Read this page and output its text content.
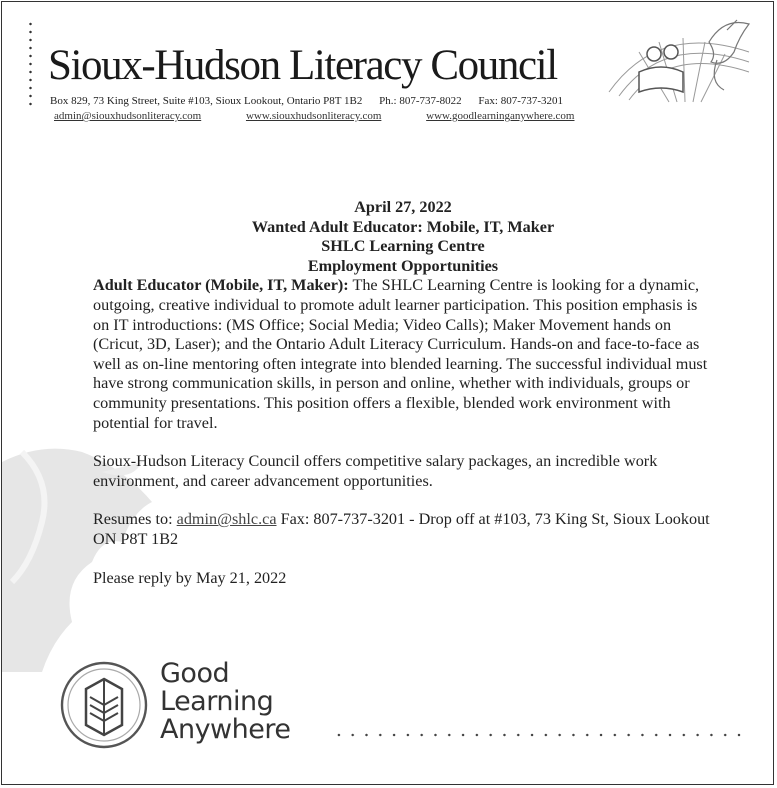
Sioux-Hudson Literacy Council
Box 829, 73 King Street, Suite #103, Sioux Lookout, Ontario P8T 1B2 Ph.: 807-737-8022 Fax: 807-737-3201
admin@siouxhudsonliteracy.com	www.siouxhudsonliteracy.com	www.goodlearninganywhere.com
April 27, 2022
Wanted Adult Educator: Mobile, IT, Maker
SHLC Learning Centre
Employment Opportunities
Adult Educator (Mobile, IT, Maker): The SHLC Learning Centre is looking for a dynamic, outgoing, creative individual to promote adult learner participation. This position emphasis is on IT introductions: (MS Office; Social Media; Video Calls); Maker Movement hands on (Cricut, 3D, Laser); and the Ontario Adult Literacy Curriculum. Hands-on and face-to-face as well as on-line mentoring often integrate into blended learning. The successful individual must have strong communication skills, in person and online, whether with individuals, groups or community presentations. This position offers a flexible, blended work environment with potential for travel.
Sioux-Hudson Literacy Council offers competitive salary packages, an incredible work environment, and career advancement opportunities.
Resumes to: admin@shlc.ca Fax: 807-737-3201 - Drop off at #103, 73 King St, Sioux Lookout ON P8T 1B2
Please reply by May 21, 2022
Good
Learning
Anywhere
